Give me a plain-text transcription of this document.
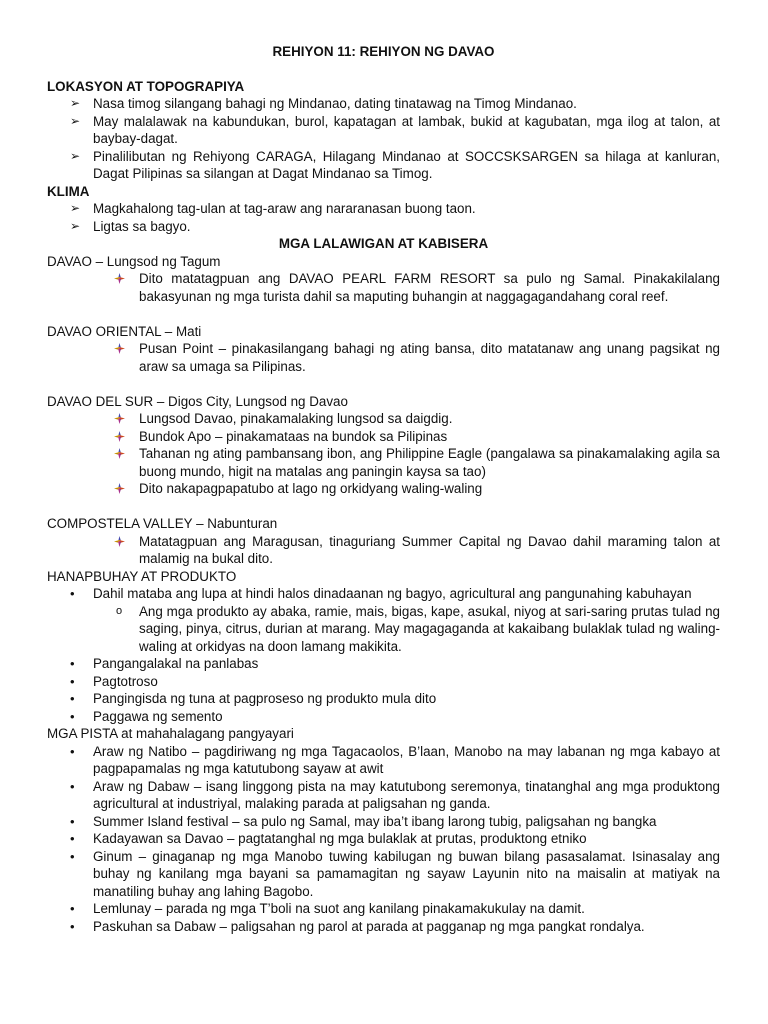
REHIYON 11: REHIYON NG DAVAO
LOKASYON AT TOPOGRAPIYA
➢ Nasa timog silangang bahagi ng Mindanao, dating tinatawag na Timog Mindanao.
➢ May malalawak na kabundukan, burol, kapatagan at lambak, bukid at kagubatan, mga ilog at talon, at baybay-dagat.
➢ Pinalilibutan ng Rehiyong CARAGA, Hilagang Mindanao at SOCCSKSARGEN sa hilaga at kanluran, Dagat Pilipinas sa silangan at Dagat Mindanao sa Timog.
KLIMA
➢ Magkahalong tag-ulan at tag-araw ang nararanasan buong taon.
➢ Ligtas sa bagyo.
MGA LALAWIGAN AT KABISERA
DAVAO – Lungsod ng Tagum
Dito matatagpuan ang DAVAO PEARL FARM RESORT sa pulo ng Samal. Pinakakilalang bakasyunan ng mga turista dahil sa maputing buhangin at naggagagandahang coral reef.
DAVAO ORIENTAL – Mati
Pusan Point – pinakasilangang bahagi ng ating bansa, dito matatanaw ang unang pagsikat ng araw sa umaga sa Pilipinas.
DAVAO DEL SUR – Digos City, Lungsod ng Davao
Lungsod Davao, pinakamalaking lungsod sa daigdig.
Bundok Apo – pinakamataas na bundok sa Pilipinas
Tahanan ng ating pambansang ibon, ang Philippine Eagle (pangalawa sa pinakamalaking agila sa buong mundo, higit na matalas ang paningin kaysa sa tao)
Dito nakapagpapatubo at lago ng orkidyang waling-waling
COMPOSTELA VALLEY – Nabunturan
Matatagpuan ang Maragusan, tinaguriang Summer Capital ng Davao dahil maraming talon at malamig na bukal dito.
HANAPBUHAY AT PRODUKTO
• Dahil mataba ang lupa at hindi halos dinadaanan ng bagyo, agricultural ang pangunahing kabuhayan
o Ang mga produkto ay abaka, ramie, mais, bigas, kape, asukal, niyog at sari-saring prutas tulad ng saging, pinya, citrus, durian at marang. May magagaganda at kakaibang bulaklak tulad ng waling-waling at orkidyas na doon lamang makikita.
• Pangangalakal na panlabas
• Pagtotroso
• Pangingisda ng tuna at pagproseso ng produkto mula dito
• Paggawa ng semento
MGA PISTA at mahahalagang pangyayari
• Araw ng Natibo – pagdiriwang ng mga Tagacaolos, B’laan, Manobo na may labanan ng mga kabayo at pagpapamalas ng mga katutubong sayaw at awit
• Araw ng Dabaw – isang linggong pista na may katutubong seremonya, tinatanghal ang mga produktong agricultural at industriyal, malaking parada at paligsahan ng ganda.
• Summer Island festival – sa pulo ng Samal, may iba’t ibang larong tubig, paligsahan ng bangka
• Kadayawan sa Davao – pagtatanghal ng mga bulaklak at prutas, produktong etniko
• Ginum – ginaganap ng mga Manobo tuwing kabilugan ng buwan bilang pasasalamat. Isinasalay ang buhay ng kanilang mga bayani sa pamamagitan ng sayaw Layunin nito na maisalin at matiyak na manatiling buhay ang lahing Bagobo.
• Lemlunay – parada ng mga T’boli na suot ang kanilang pinakamakukulay na damit.
• Paskuhan sa Dabaw – paligsahan ng parol at parada at pagganap ng mga pangkat rondalya.
